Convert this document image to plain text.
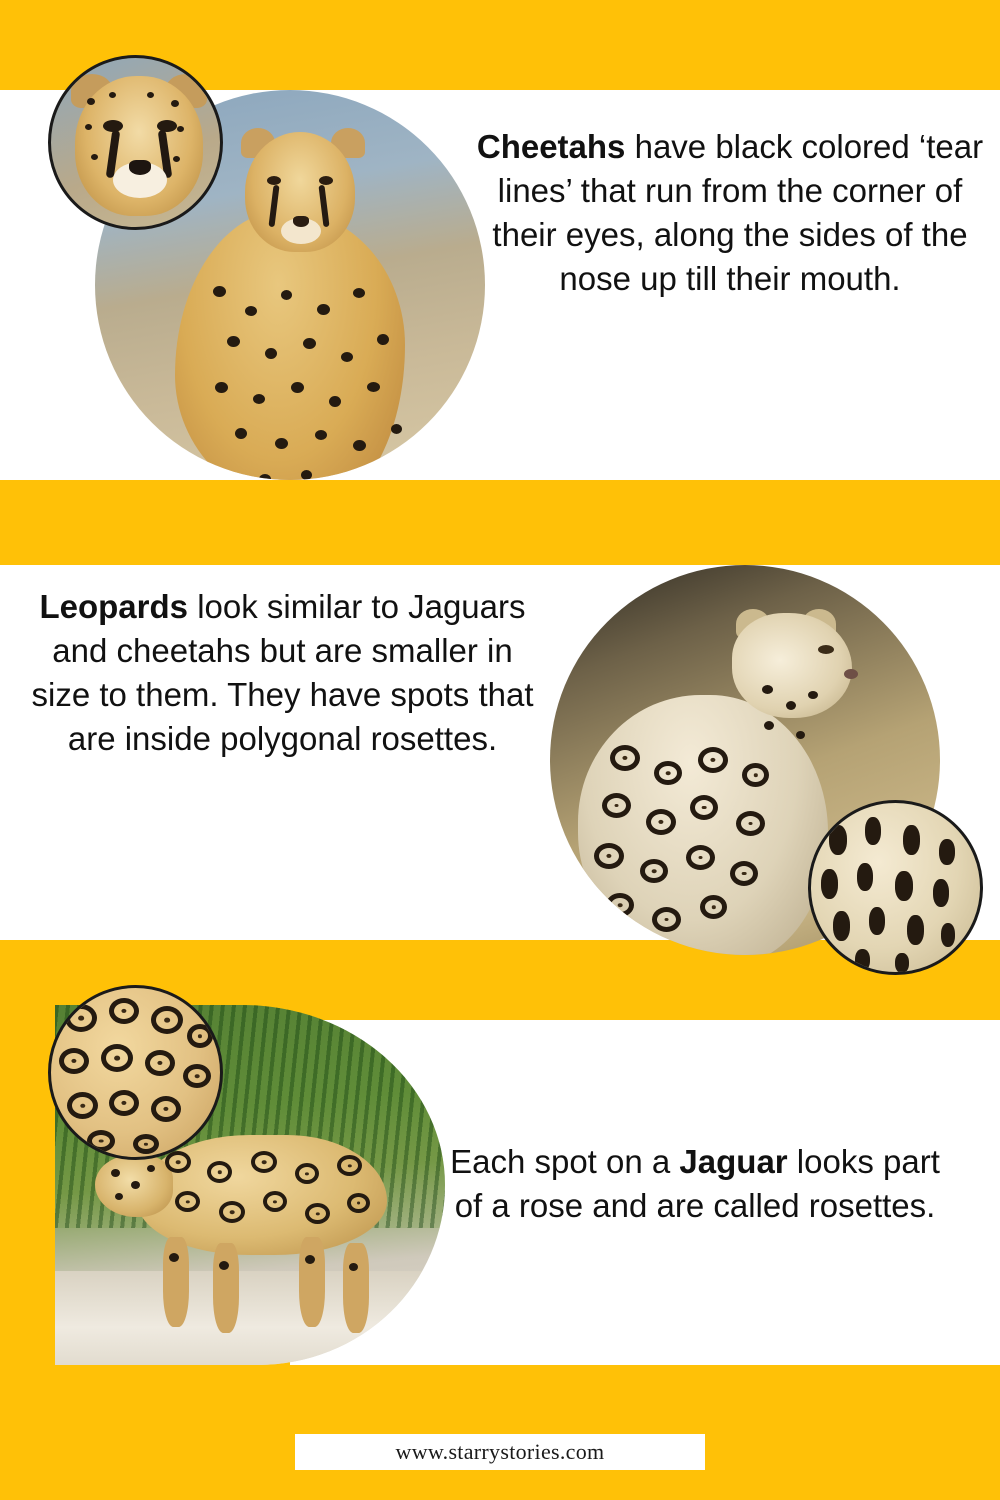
Cheetahs have black colored ‘tear lines’ that run from the corner of their eyes, along the sides of the nose up till their mouth.
Leopards look similar to Jaguars and cheetahs but are smaller in size to them. They have spots that are inside polygonal rosettes.
Each spot on a Jaguar looks part of a rose and are called rosettes.
www.starrystories.com
